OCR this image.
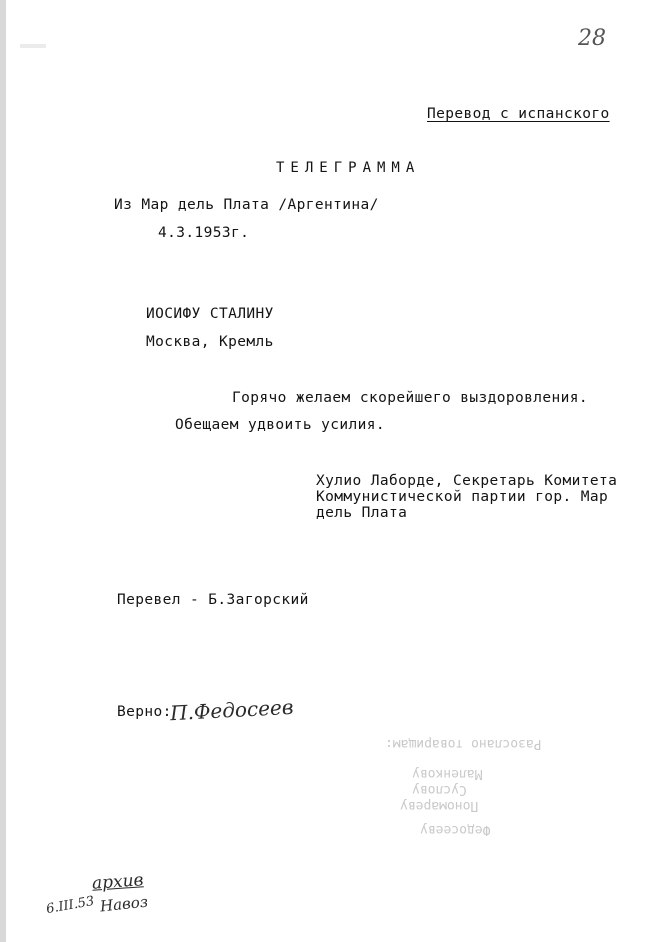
28
Перевод с испанского
ТЕЛЕГРАММА
Из Мар дель Плата /Аргентина/
4.3.1953г.
ИОСИФУ СТАЛИНУ
Москва, Кремль
Горячо желаем скорейшего выздоровления.
Обещаем удвоить усилия.
Хулио Лаборде, Секретарь Комитета
Коммунистической партии гор. Мар
дель Плата
Перевел - Б.Загорский
Верно:
П.Федосеев
Разослано товарищам:
Маленкову
Суслову
Пономареву
Федосееву
архив
Навоз
6.III.53
